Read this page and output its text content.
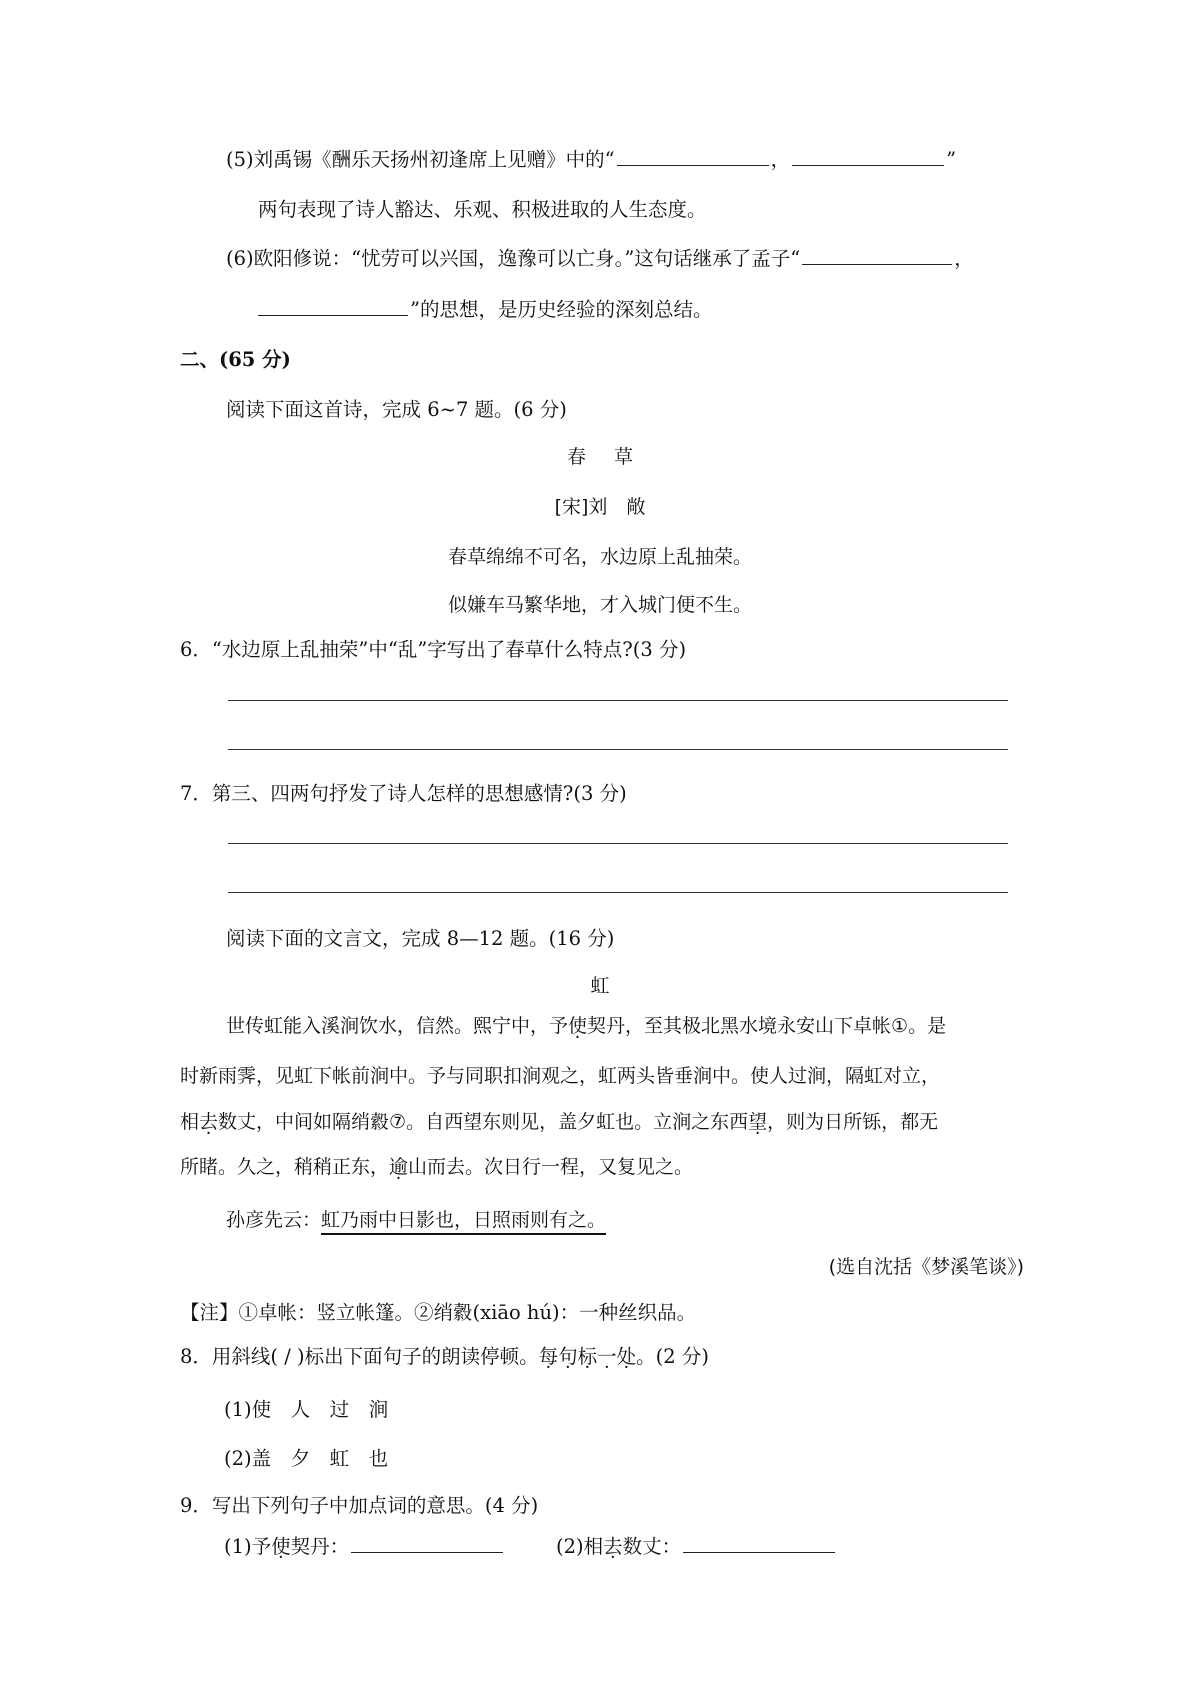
(5)刘禹锡《酬乐天扬州初逢席上见赠》中的“	，	”
两句表现了诗人豁达、乐观、积极进取的人生态度。
(6)欧阳修说：“忧劳可以兴国，逸豫可以亡身。”这句话继承了孟子“	，
”的思想，是历史经验的深刻总结。
二、(65 分)
阅读下面这首诗，完成 6~7 题。(6 分)
春草
[宋]刘　敞
春草绵绵不可名，水边原上乱抽荣。
似嫌车马繁华地，才入城门便不生。
6．“水边原上乱抽荣”中“乱”字写出了春草什么特点?(3 分)
7．第三、四两句抒发了诗人怎样的思想感情?(3 分)
阅读下面的文言文，完成 8—12 题。(16 分)
虹
世传虹能入溪涧饮水，信然。熙宁中，予使契丹，至其极北黑水境永安山下卓帐①。是
时新雨霁，见虹下帐前涧中。予与同职扣涧观之，虹两头皆垂涧中。使人过涧，隔虹对立，
相去数丈，中间如隔绡縠⑦。自西望东则见，盖夕虹也。立涧之东西望，则为日所铄，都无
所睹。久之，稍稍正东，逾山而去。次日行一程，又复见之。
孙彦先云：虹乃雨中日影也，日照雨则有之。
(选自沈括《梦溪笔谈》)
【注】①卓帐：竖立帐篷。②绡縠(xiāo hú)：一种丝织品。
8．用斜线( / )标出下面句子的朗读停顿。每句标一处。(2 分)
(1)使　人　过　涧
(2)盖　夕　虹　也
9．写出下列句子中加点词的意思。(4 分)
(1)予使契丹：	(2)相去数丈：
